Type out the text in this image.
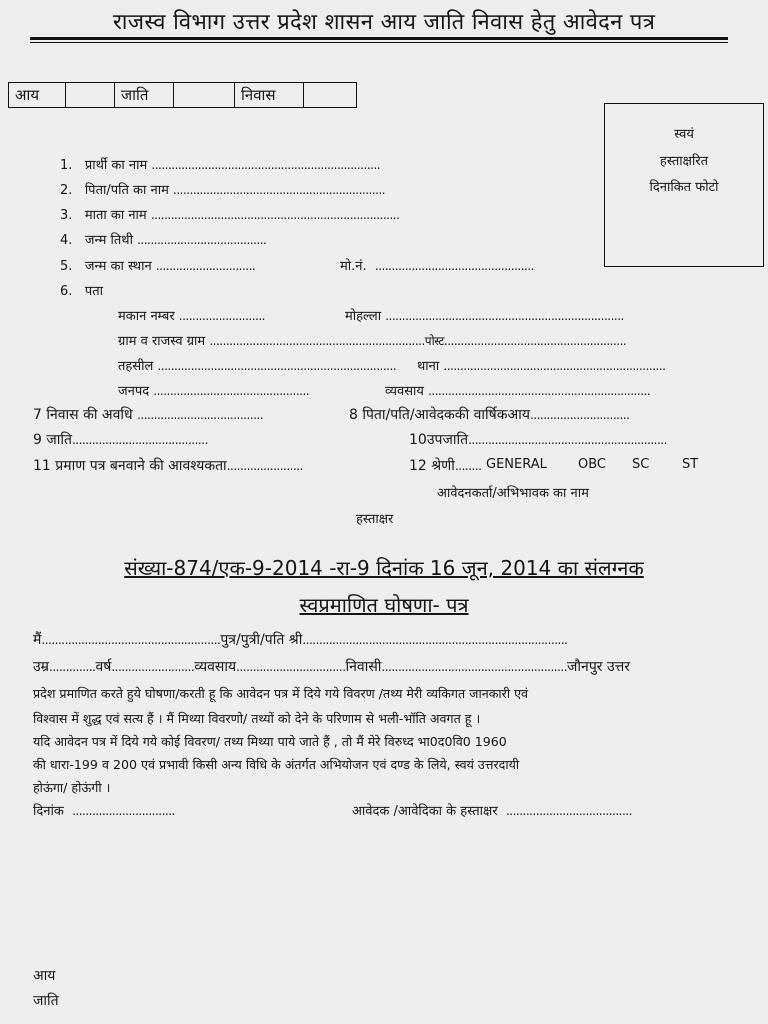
राजस्व विभाग उत्तर प्रदेश शासन आय जाति निवास हेतु आवेदन पत्र
आय		जाति		निवास	
स्वयं
हस्ताक्षरित
दिनाकित फोटो
1. प्रार्थी का नाम .....................................................................
2. पिता/पति का नाम ................................................................
3. माता का नाम ...........................................................................
4. जन्म तिथी .......................................
5. जन्म का स्थान ..............................	मो.नं. ................................................
6. पता
मकान नम्बर ..........................	मोहल्ला ........................................................................
ग्राम व राजस्व ग्राम .................................................................पोस्ट.......................................................
तहसील ........................................................................ थाना ...................................................................
जनपद ...............................................	व्यवसाय ...................................................................
7 निवास की अवधि ......................................	8 पिता/पति/आवेदककी वार्षिकआय..............................
9 जाति.........................................	10उपजाति............................................................
11 प्रमाण पत्र बनवाने की आवश्यकता.......................	12 श्रेणी........ GENERAL OBC SC	ST
आवेदनकर्ता/अभिभावक का नाम
हस्ताक्षर
संख्या-874/एक-9-2014 -रा-9 दिनांक 16 जून, 2014 का संलग्नक
स्वप्रमाणित घोषणा- पत्र
मैं......................................................पुत्र/पुत्री/पति श्री................................................................................
उम्र..............वर्ष.........................व्यवसाय.................................निवासी........................................................जौनपुर उत्तर
प्रदेश प्रमाणित करते हुये घोषणा/करती हू कि आवेदन पत्र में दिये गये विवरण /तथ्य मेरी व्यकिगत जानकारी एवं
विश्वास में शुद्ध एवं सत्य हैं । मैं मिथ्या विवरणो/ तथ्यों को देने के परिणाम से भली-भॉति अवगत हू ।
यदि आवेदन पत्र में दिये गये कोई विवरण/ तथ्य मिथ्या पाये जाते हैं , तो मैं मेरे विरुध्द भा0द0वि0 1960
की धारा-199 व 200 एवं प्रभावी किसी अन्य विधि के अंतर्गत अभियोजन एवं दण्ड के लिये, स्वयं उत्तरदायी
होऊंगा/ होऊंगी ।
दिनांक ...............................	आवेदक /आवेदिका के हस्ताक्षर ......................................
आय
जाति
